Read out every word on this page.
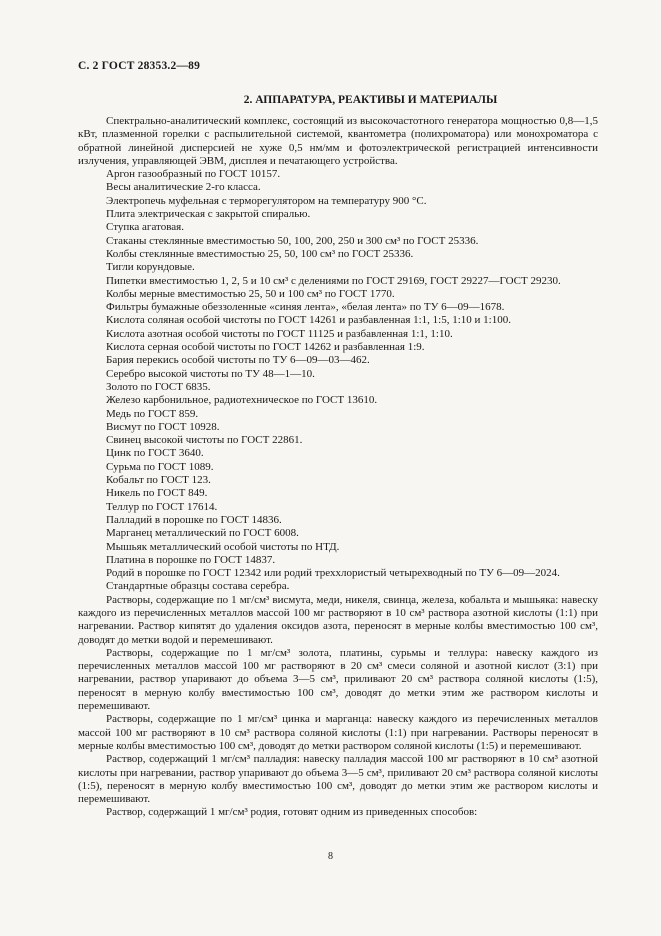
С. 2 ГОСТ 28353.2—89
2. АППАРАТУРА, РЕАКТИВЫ И МАТЕРИАЛЫ

Спектрально-аналитический комплекс, состоящий из высокочастотного генератора мощностью 0,8—1,5 кВт, плазменной горелки с распылительной системой, квантометра (полихроматора) или монохроматора с обратной линейной дисперсией не хуже 0,5 нм/мм и фотоэлектрической регистрацией интенсивности излучения, управляющей ЭВМ, дисплея и печатающего устройства.

Аргон газообразный по ГОСТ 10157.

Весы аналитические 2-го класса.

Электропечь муфельная с терморегулятором на температуру 900 °С.

Плита электрическая с закрытой спиралью.

Ступка агатовая.

Стаканы стеклянные вместимостью 50, 100, 200, 250 и 300 см³ по ГОСТ 25336.

Колбы стеклянные вместимостью 25, 50, 100 см³ по ГОСТ 25336.

Тигли корундовые.

Пипетки вместимостью 1, 2, 5 и 10 см³ с делениями по ГОСТ 29169, ГОСТ 29227—ГОСТ 29230.

Колбы мерные вместимостью 25, 50 и 100 см³ по ГОСТ 1770.

Фильтры бумажные обеззоленные «синяя лента», «белая лента» по ТУ 6—09—1678.

Кислота соляная особой чистоты по ГОСТ 14261 и разбавленная 1:1, 1:5, 1:10 и 1:100.

Кислота азотная особой чистоты по ГОСТ 11125 и разбавленная 1:1, 1:10.

Кислота серная особой чистоты по ГОСТ 14262 и разбавленная 1:9.

Бария перекись особой чистоты по ТУ 6—09—03—462.

Серебро высокой чистоты по ТУ 48—1—10.

Золото по ГОСТ 6835.

Железо карбонильное, радиотехническое по ГОСТ 13610.

Медь по ГОСТ 859.

Висмут по ГОСТ 10928.

Свинец высокой чистоты по ГОСТ 22861.

Цинк по ГОСТ 3640.

Сурьма по ГОСТ 1089.

Кобальт по ГОСТ 123.

Никель по ГОСТ 849.

Теллур по ГОСТ 17614.

Палладий в порошке по ГОСТ 14836.

Марганец металлический по ГОСТ 6008.

Мышьяк металлический особой чистоты по НТД.

Платина в порошке по ГОСТ 14837.

Родий в порошке по ГОСТ 12342 или родий треххлористый четырехводный по ТУ 6—09—2024.

Стандартные образцы состава серебра.

Растворы, содержащие по 1 мг/см³ висмута, меди, никеля, свинца, железа, кобальта и мышьяка: навеску каждого из перечисленных металлов массой 100 мг растворяют в 10 см³ раствора азотной кислоты (1:1) при нагревании. Раствор кипятят до удаления оксидов азота, переносят в мерные колбы вместимостью 100 см³, доводят до метки водой и перемешивают.

Растворы, содержащие по 1 мг/см³ золота, платины, сурьмы и теллура: навеску каждого из перечисленных металлов массой 100 мг растворяют в 20 см³ смеси соляной и азотной кислот (3:1) при нагревании, раствор упаривают до объема 3—5 см³, приливают 20 см³ раствора соляной кислоты (1:5), переносят в мерную колбу вместимостью 100 см³, доводят до метки этим же раствором кислоты и перемешивают.

Растворы, содержащие по 1 мг/см³ цинка и марганца: навеску каждого из перечисленных металлов массой 100 мг растворяют в 10 см³ раствора соляной кислоты (1:1) при нагревании. Растворы переносят в мерные колбы вместимостью 100 см³, доводят до метки раствором соляной кислоты (1:5) и перемешивают.

Раствор, содержащий 1 мг/см³ палладия: навеску палладия массой 100 мг растворяют в 10 см³ азотной кислоты при нагревании, раствор упаривают до объема 3—5 см³, приливают 20 см³ раствора соляной кислоты (1:5), переносят в мерную колбу вместимостью 100 см³, доводят до метки этим же раствором кислоты и перемешивают.

Раствор, содержащий 1 мг/см³ родия, готовят одним из приведенных способов:

8
